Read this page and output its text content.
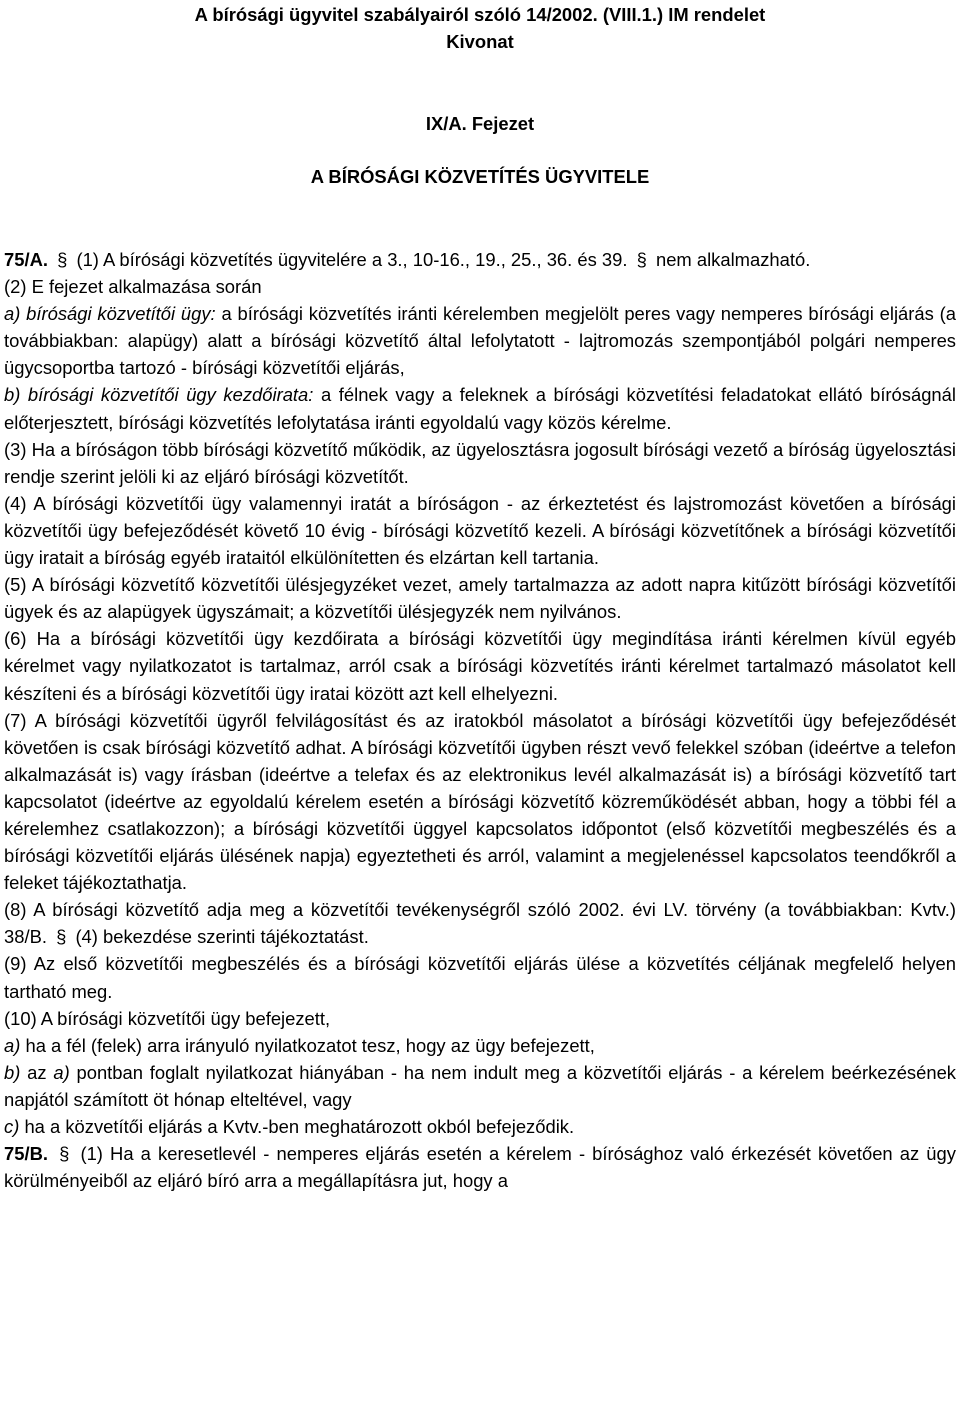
A bírósági ügyvitel szabályairól szóló 14/2002. (VIII.1.) IM rendelet
Kivonat
IX/A. Fejezet
A BÍRÓSÁGI KÖZVETÍTÉS ÜGYVITELE

75/A. § (1) A bírósági közvetítés ügyvitelére a 3., 10-16., 19., 25., 36. és 39. § nem alkalmazható.

(2) E fejezet alkalmazása során

a) bírósági közvetítői ügy: a bírósági közvetítés iránti kérelemben megjelölt peres vagy nemperes bírósági eljárás (a továbbiakban: alapügy) alatt a bírósági közvetítő által lefolytatott - lajtromozás szempontjából polgári nemperes ügycsoportba tartozó - bírósági közvetítői eljárás,

b) bírósági közvetítői ügy kezdőirata: a félnek vagy a feleknek a bírósági közvetítési feladatokat ellátó bíróságnál előterjesztett, bírósági közvetítés lefolytatása iránti egyoldalú vagy közös kérelme.

(3) Ha a bíróságon több bírósági közvetítő működik, az ügyelosztásra jogosult bírósági vezető a bíróság ügyelosztási rendje szerint jelöli ki az eljáró bírósági közvetítőt.

(4) A bírósági közvetítői ügy valamennyi iratát a bíróságon - az érkeztetést és lajstromozást követően a bírósági közvetítői ügy befejeződését követő 10 évig - bírósági közvetítő kezeli. A bírósági közvetítőnek a bírósági közvetítői ügy iratait a bíróság egyéb irataitól elkülönítetten és elzártan kell tartania.

(5) A bírósági közvetítő közvetítői ülésjegyzéket vezet, amely tartalmazza az adott napra kitűzött bírósági közvetítői ügyek és az alapügyek ügyszámait; a közvetítői ülésjegyzék nem nyilvános.

(6) Ha a bírósági közvetítői ügy kezdőirata a bírósági közvetítői ügy megindítása iránti kérelmen kívül egyéb kérelmet vagy nyilatkozatot is tartalmaz, arról csak a bírósági közvetítés iránti kérelmet tartalmazó másolatot kell készíteni és a bírósági közvetítői ügy iratai között azt kell elhelyezni.

(7) A bírósági közvetítői ügyről felvilágosítást és az iratokból másolatot a bírósági közvetítői ügy befejeződését követően is csak bírósági közvetítő adhat. A bírósági közvetítői ügyben részt vevő felekkel szóban (ideértve a telefon alkalmazását is) vagy írásban (ideértve a telefax és az elektronikus levél alkalmazását is) a bírósági közvetítő tart kapcsolatot (ideértve az egyoldalú kérelem esetén a bírósági közvetítő közreműködését abban, hogy a többi fél a kérelemhez csatlakozzon); a bírósági közvetítői üggyel kapcsolatos időpontot (első közvetítői megbeszélés és a bírósági közvetítői eljárás ülésének napja) egyeztetheti és arról, valamint a megjelenéssel kapcsolatos teendőkről a feleket tájékoztathatja.

(8) A bírósági közvetítő adja meg a közvetítői tevékenységről szóló 2002. évi LV. törvény (a továbbiakban: Kvtv.) 38/B. § (4) bekezdése szerinti tájékoztatást.

(9) Az első közvetítői megbeszélés és a bírósági közvetítői eljárás ülése a közvetítés céljának megfelelő helyen tartható meg.

(10) A bírósági közvetítői ügy befejezett,

a) ha a fél (felek) arra irányuló nyilatkozatot tesz, hogy az ügy befejezett,

b) az a) pontban foglalt nyilatkozat hiányában - ha nem indult meg a közvetítői eljárás - a kérelem beérkezésének napjától számított öt hónap elteltével, vagy

c) ha a közvetítői eljárás a Kvtv.-ben meghatározott okból befejeződik.

75/B. § (1) Ha a keresetlevél - nemperes eljárás esetén a kérelem - bírósághoz való érkezését követően az ügy körülményeiből az eljáró bíró arra a megállapításra jut, hogy a
